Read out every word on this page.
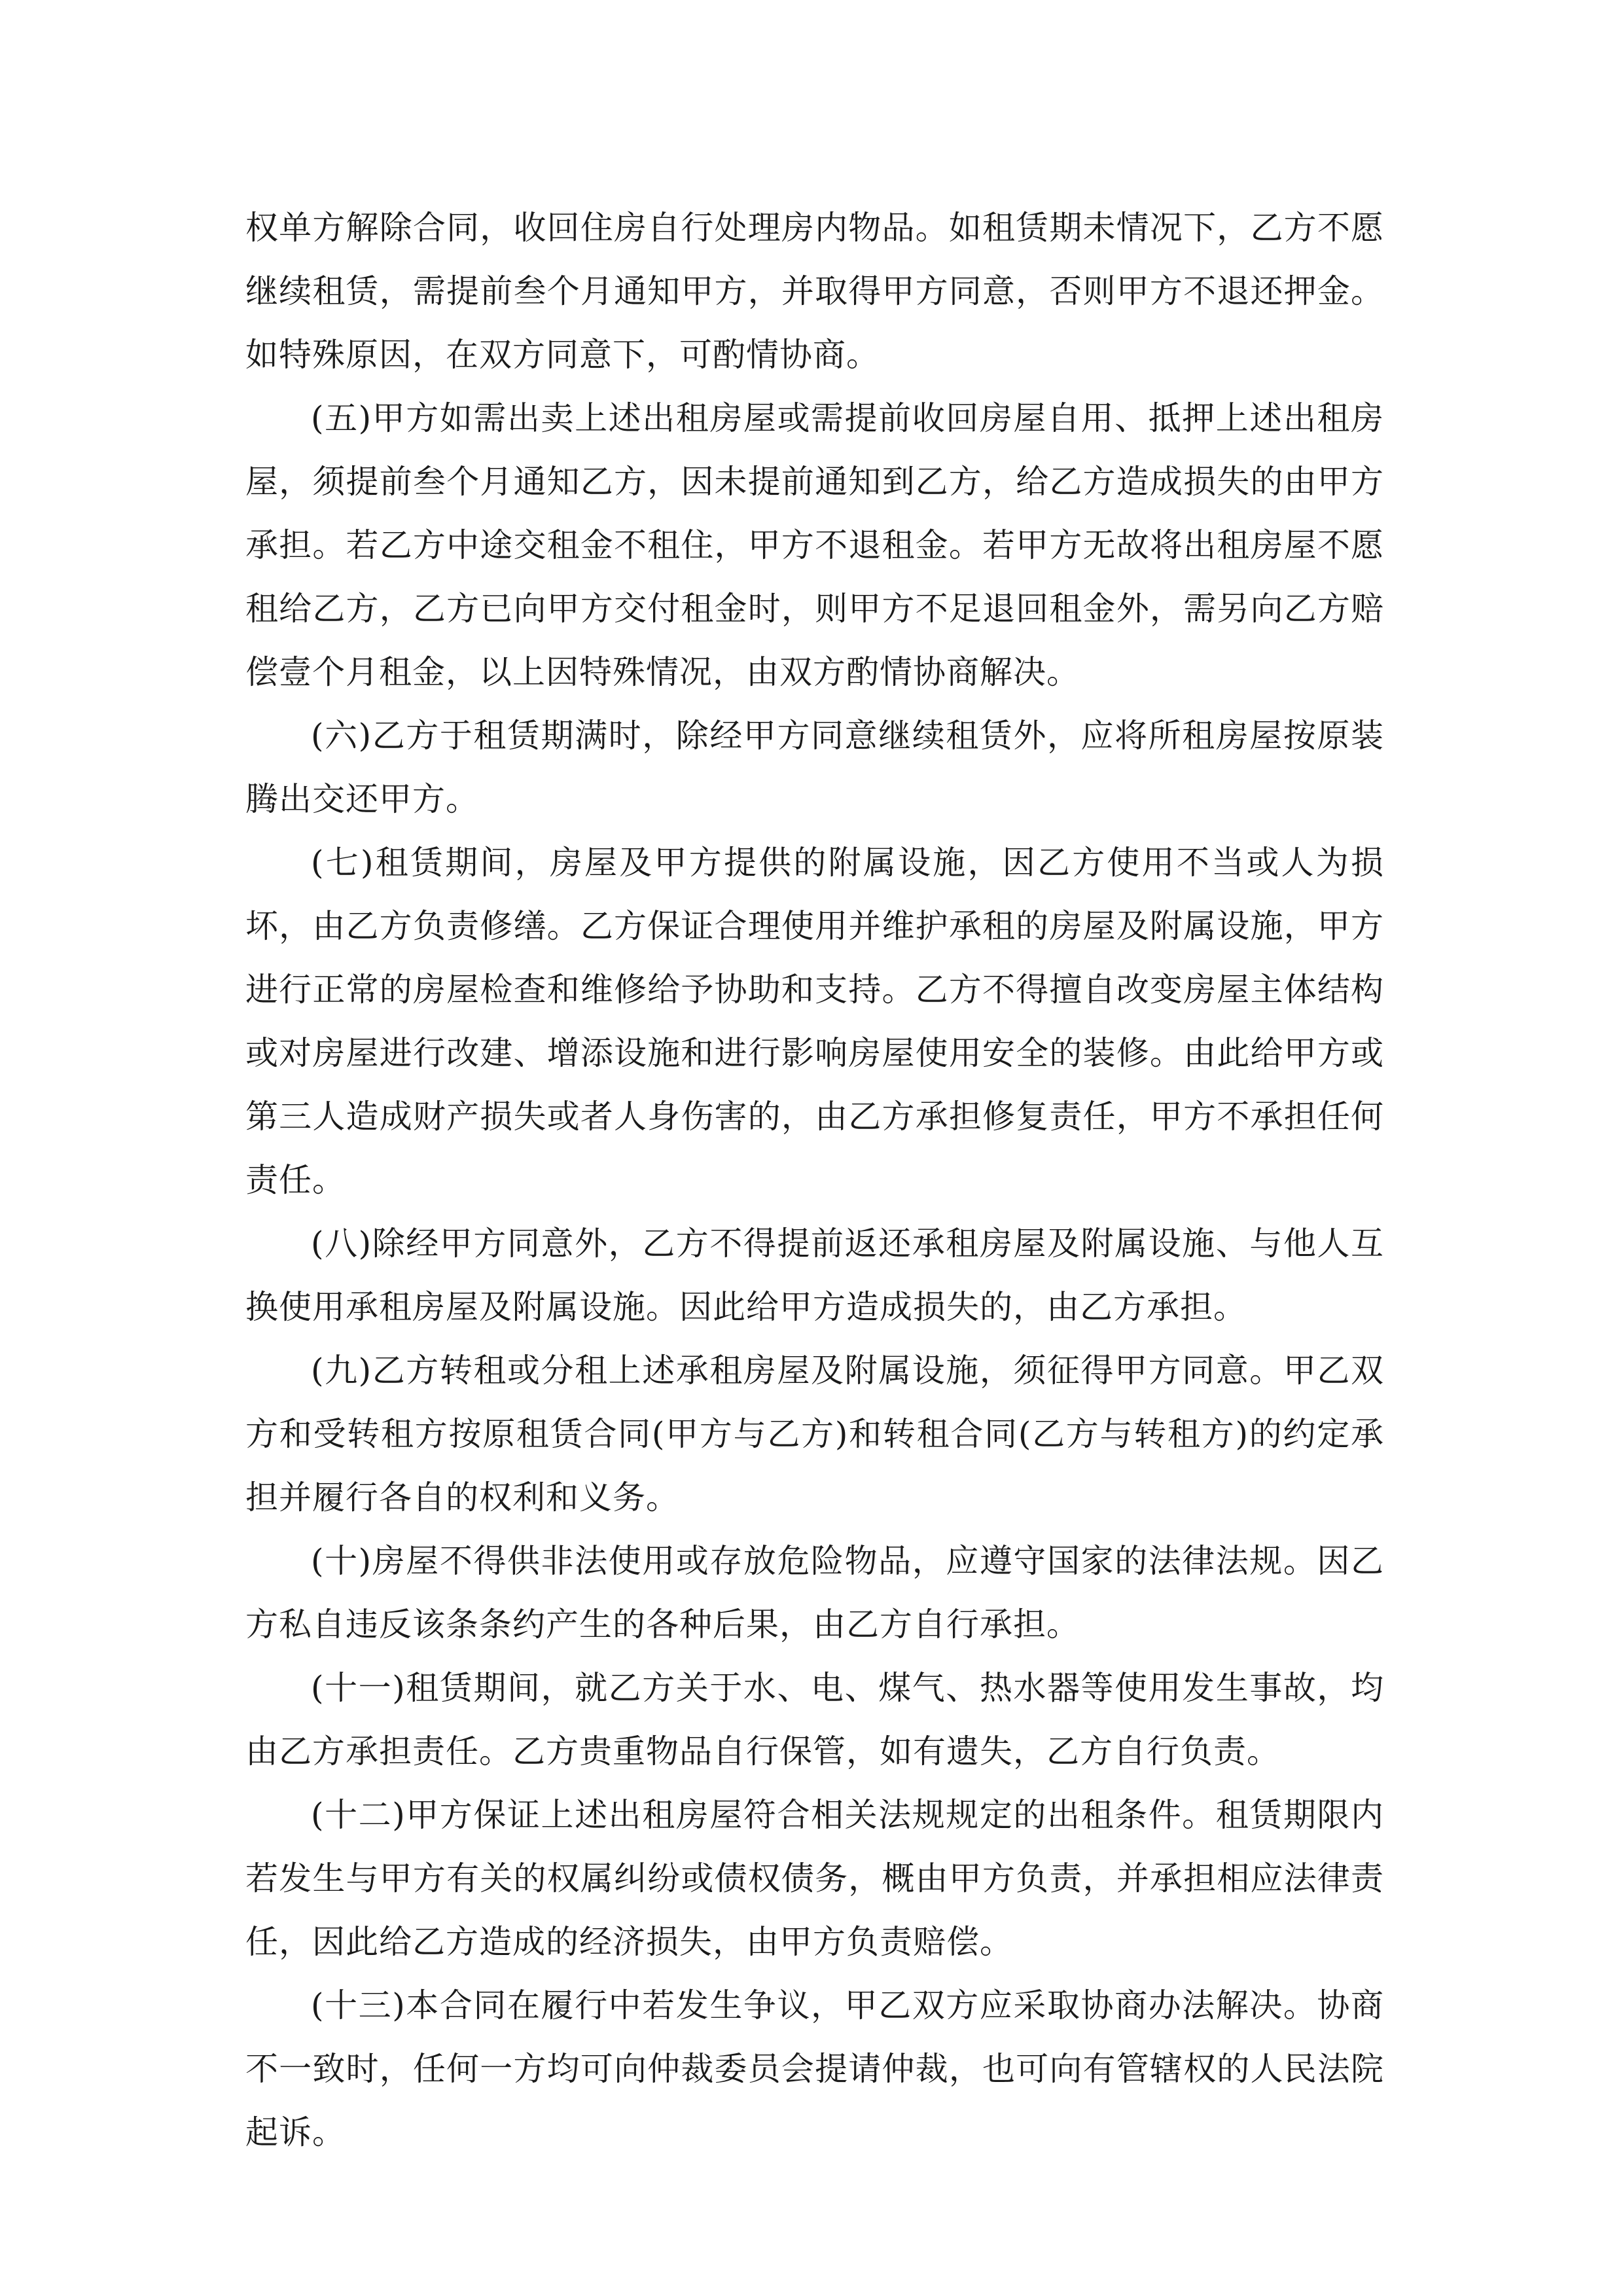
权单方解除合同，收回住房自行处理房内物品。如租赁期未情况下，乙方不愿继续租赁，需提前叁个月通知甲方，并取得甲方同意，否则甲方不退还押金。如特殊原因，在双方同意下，可酌情协商。

(五)甲方如需出卖上述出租房屋或需提前收回房屋自用、抵押上述出租房屋，须提前叁个月通知乙方，因未提前通知到乙方，给乙方造成损失的由甲方承担。若乙方中途交租金不租住，甲方不退租金。若甲方无故将出租房屋不愿租给乙方，乙方已向甲方交付租金时，则甲方不足退回租金外，需另向乙方赔偿壹个月租金，以上因特殊情况，由双方酌情协商解决。

(六)乙方于租赁期满时，除经甲方同意继续租赁外，应将所租房屋按原装腾出交还甲方。

(七)租赁期间，房屋及甲方提供的附属设施，因乙方使用不当或人为损坏，由乙方负责修缮。乙方保证合理使用并维护承租的房屋及附属设施，甲方进行正常的房屋检查和维修给予协助和支持。乙方不得擅自改变房屋主体结构或对房屋进行改建、增添设施和进行影响房屋使用安全的装修。由此给甲方或第三人造成财产损失或者人身伤害的，由乙方承担修复责任，甲方不承担任何责任。

(八)除经甲方同意外，乙方不得提前返还承租房屋及附属设施、与他人互换使用承租房屋及附属设施。因此给甲方造成损失的，由乙方承担。

(九)乙方转租或分租上述承租房屋及附属设施，须征得甲方同意。甲乙双方和受转租方按原租赁合同(甲方与乙方)和转租合同(乙方与转租方)的约定承担并履行各自的权利和义务。

(十)房屋不得供非法使用或存放危险物品，应遵守国家的法律法规。因乙方私自违反该条条约产生的各种后果，由乙方自行承担。

(十一)租赁期间，就乙方关于水、电、煤气、热水器等使用发生事故，均由乙方承担责任。乙方贵重物品自行保管，如有遗失，乙方自行负责。

(十二)甲方保证上述出租房屋符合相关法规规定的出租条件。租赁期限内若发生与甲方有关的权属纠纷或债权债务，概由甲方负责，并承担相应法律责任，因此给乙方造成的经济损失，由甲方负责赔偿。

(十三)本合同在履行中若发生争议，甲乙双方应采取协商办法解决。协商不一致时，任何一方均可向仲裁委员会提请仲裁，也可向有管辖权的人民法院起诉。
